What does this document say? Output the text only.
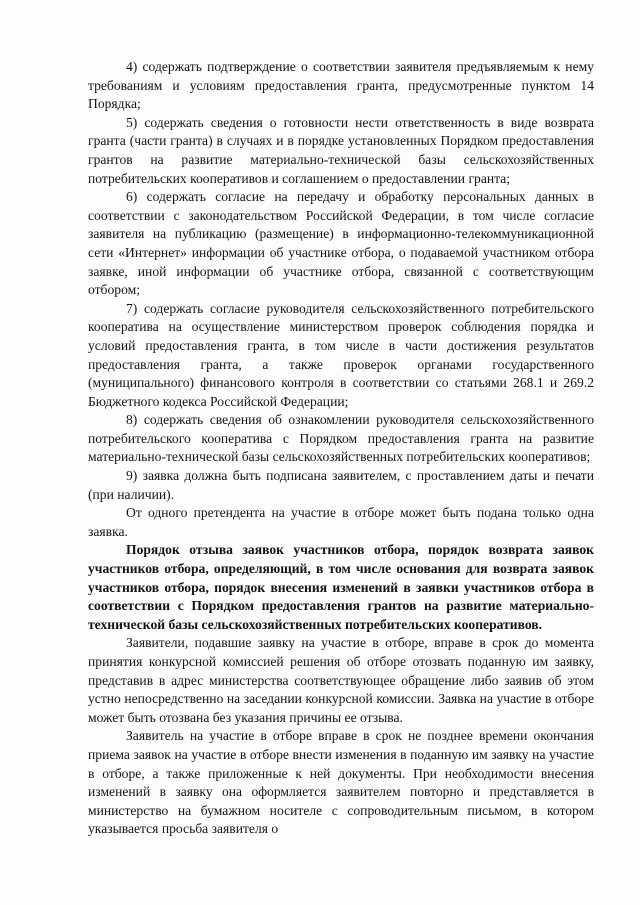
4) содержать подтверждение о соответствии заявителя предъявляемым к нему требованиям и условиям предоставления гранта, предусмотренные пунктом 14 Порядка;

5) содержать сведения о готовности нести ответственность в виде возврата гранта (части гранта) в случаях и в порядке установленных Порядком предоставления грантов на развитие материально-технической базы сельскохозяйственных потребительских кооперативов и соглашением о предоставлении гранта;

6) содержать согласие на передачу и обработку персональных данных в соответствии с законодательством Российской Федерации, в том числе согласие заявителя на публикацию (размещение) в информационно-телекоммуникационной сети «Интернет» информации об участнике отбора, о подаваемой участником отбора заявке, иной информации об участнике отбора, связанной с соответствующим отбором;

7) содержать согласие руководителя сельскохозяйственного потребительского кооператива на осуществление министерством проверок соблюдения порядка и условий предоставления гранта, в том числе в части достижения результатов предоставления гранта, а также проверок органами государственного (муниципального) финансового контроля в соответствии со статьями 268.1 и 269.2 Бюджетного кодекса Российской Федерации;

8) содержать сведения об ознакомлении руководителя сельскохозяйственного потребительского кооператива с Порядком предоставления гранта на развитие материально-технической базы сельскохозяйственных потребительских кооперативов;

9) заявка должна быть подписана заявителем, с проставлением даты и печати (при наличии).

От одного претендента на участие в отборе может быть подана только одна заявка.

Порядок отзыва заявок участников отбора, порядок возврата заявок участников отбора, определяющий, в том числе основания для возврата заявок участников отбора, порядок внесения изменений в заявки участников отбора в соответствии с Порядком предоставления грантов на развитие материально-технической базы сельскохозяйственных потребительских кооперативов.

Заявители, подавшие заявку на участие в отборе, вправе в срок до момента принятия конкурсной комиссией решения об отборе отозвать поданную им заявку, представив в адрес министерства соответствующее обращение либо заявив об этом устно непосредственно на заседании конкурсной комиссии. Заявка на участие в отборе может быть отозвана без указания причины ее отзыва.

Заявитель на участие в отборе вправе в срок не позднее времени окончания приема заявок на участие в отборе внести изменения в поданную им заявку на участие в отборе, а также приложенные к ней документы. При необходимости внесения изменений в заявку она оформляется заявителем повторно и представляется в министерство на бумажном носителе с сопроводительным письмом, в котором указывается просьба заявителя о
